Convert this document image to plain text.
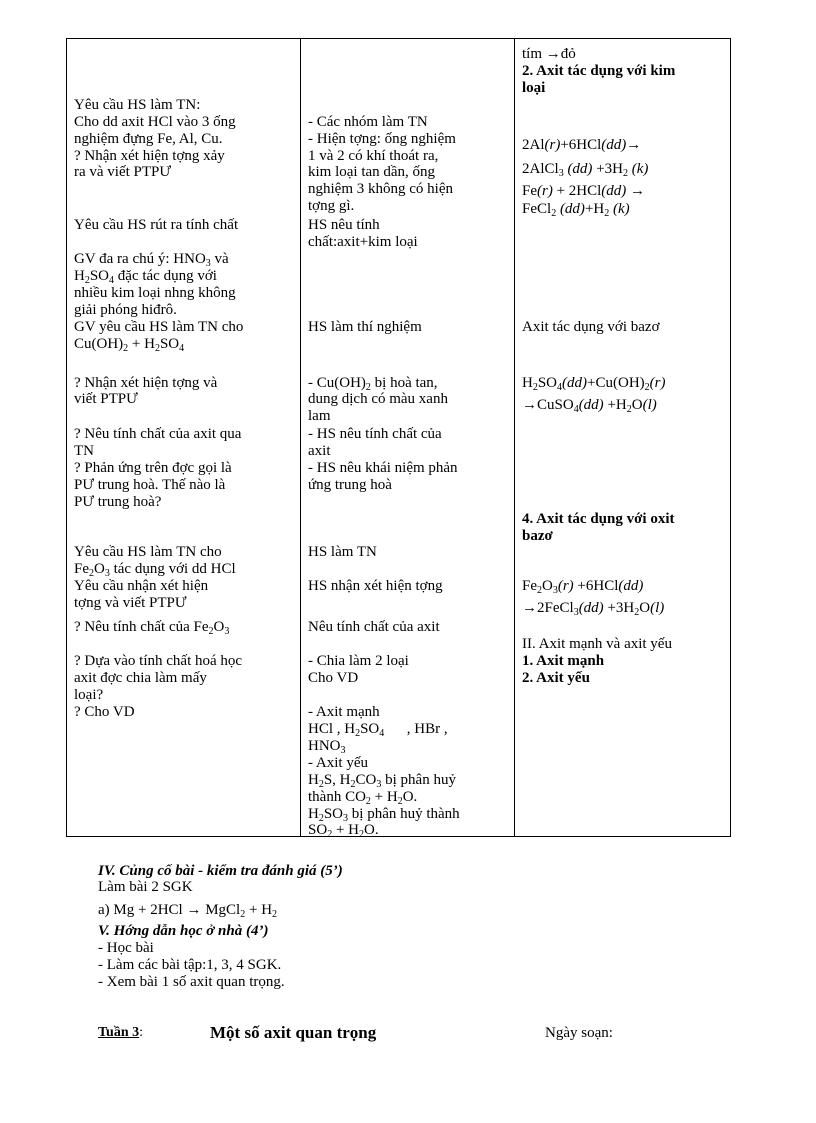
Yêu cầu HS làm TN:
Cho dd axit HCl vào 3 ống
nghiệm đựng Fe, Al, Cu.
? Nhận xét hiện tợng xảy
ra và viết PTPƯ
Yêu cầu HS rút ra tính chất
GV đa ra chú ý: $HNO_3$ và
$H_2SO_4$ đặc tác dụng với
nhiều kim loại nhng không
giải phóng hiđrô.
GV yêu cầu HS làm TN cho
$Cu(OH)_2 + H_2SO_4$
? Nhận xét hiện tợng và
viết PTPƯ
? Nêu tính chất của axit qua
TN
? Phản ứng trên đợc gọi là
PƯ trung hoà. Thế nào là
PƯ trung hoà?
Yêu cầu HS làm TN cho
$Fe_2O_3$ tác dụng với dd HCl
Yêu cầu nhận xét hiện
tợng và viết PTPƯ
? Nêu tính chất của $Fe_2O_3$
? Dựa vào tính chất hoá học
axit đợc chia làm mấy
loại?
? Cho VD
- Các nhóm làm TN
- Hiện tợng: ống nghiệm
1 và 2 có khí thoát ra,
kim loại tan dần, ống
nghiệm 3 không có hiện
tợng gì.
HS nêu tính
chất:axit+kim loại
HS làm thí nghiệm
- $Cu(OH)_2$ bị hoà tan,
dung dịch có màu xanh
lam
- HS nêu tính chất của
axit
- HS nêu khái niệm phản
ứng trung hoà
HS làm TN
HS nhận xét hiện tợng
Nêu tính chất của axit
- Chia làm 2 loại
Cho VD
- Axit mạnh
HCl , $H_2SO_4$      , HBr ,
$HNO_3$
- Axit yếu
$H_2S$, $H_2CO_3$ bị phân huỷ
thành $CO_2 + H_2O$.
$H_2SO_3$ bị phân huỷ thành
$SO_2 + H_2O$.
tím →đỏ
2. Axit tác dụng với kim
loại
2Al(r)+6HCl(dd)→
2AlCl$_3$ $(dd) +3H_2$ (k)
Fe(r) + 2HCl(dd) →
FeCl$_2$ $(dd)+H_2$ (k)
Axit tác dụng với bazơ
$H_2SO_4(dd)+Cu(OH)_2(r)$
→CuSO$_4$(dd) $+H_2O(l)$
4. Axit tác dụng với oxit
bazơ
$Fe_2O_3(r) +6HCl(dd)$
→2FeCl$_3$(dd) $+3H_2O(l)$
II. Axit mạnh và axit yếu
1. Axit mạnh
2. Axit yếu
IV. Củng cố bài - kiểm tra đánh giá (5’)
Làm bài 2 SGK
a) Mg + 2HCl → MgCl$_2$ + $H_2$
V. Hớng dẫn học ở nhà (4’)
- Học bài
- Làm các bài tập:1, 3, 4 SGK.
- Xem bài 1 số axit quan trọng.
Tuần 3:	Một số axit quan trọng	Ngày soạn:
